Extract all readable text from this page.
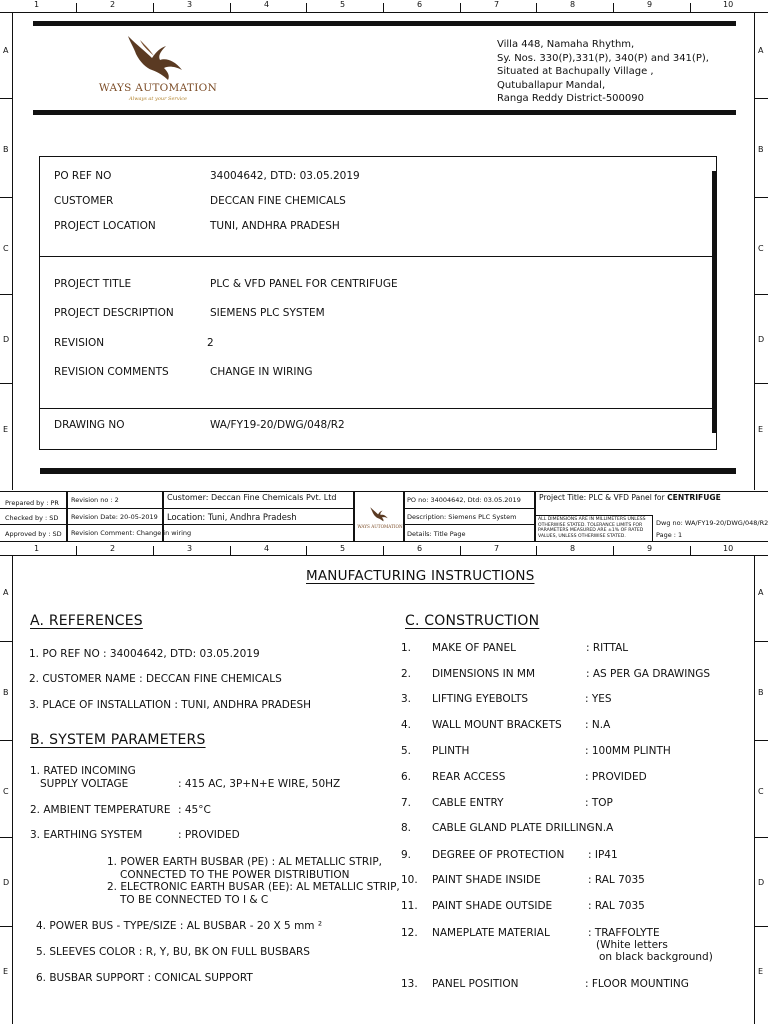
1	2	3	4	5	6	7	8	9	10
A
B
C
D
E
A
B
C
D
E
WAYS AUTOMATION
Always at your Service
Villa 448, Namaha Rhythm,
Sy. Nos. 330(P),331(P), 340(P) and 341(P),
Situated at Bachupally Village ,
Qutuballapur Mandal,
Ranga Reddy District-500090
PO REF NO	34004642, DTD: 03.05.2019
CUSTOMER	DECCAN FINE CHEMICALS
PROJECT LOCATION	TUNI, ANDHRA PRADESH
PROJECT TITLE	PLC & VFD PANEL FOR CENTRIFUGE
PROJECT DESCRIPTION	SIEMENS PLC SYSTEM
REVISION	2
REVISION COMMENTS	CHANGE IN WIRING
DRAWING NO	WA/FY19-20/DWG/048/R2
Prepared by : PR
Checked by : SD
Approved by : SD
Revision no : 2
Revision Date: 20-05-2019
Revision Comment: Change in wiring
Customer: Deccan Fine Chemicals Pvt. Ltd
Location: Tuni, Andhra Pradesh
WAYS AUTOMATION
PO no: 34004642, Dtd: 03.05.2019
Description: Siemens PLC System
Details: Title Page
Project Title: PLC & VFD Panel for CENTRIFUGE
ALL DIMENSIONS ARE IN MILLIMETERS UNLESS OTHERWISE STATED. TOLERANCE LIMITS FOR PARAMETERS MEASURED ARE ±1% OF RATED VALUES, UNLESS OTHERWISE STATED.
Dwg no: WA/FY19-20/DWG/048/R2
Page : 1
1	2	3	4	5	6	7	8	9	10
A
B
C
D
E
A
B
C
D
E
MANUFACTURING INSTRUCTIONS
A. REFERENCES
1. PO REF NO : 34004642, DTD: 03.05.2019
2. CUSTOMER NAME : DECCAN FINE CHEMICALS
3. PLACE OF INSTALLATION : TUNI, ANDHRA PRADESH
B. SYSTEM PARAMETERS
1. RATED INCOMING
SUPPLY VOLTAGE	: 415 AC, 3P+N+E WIRE, 50HZ
2. AMBIENT TEMPERATURE : 45°C
3. EARTHING SYSTEM	: PROVIDED
1. POWER EARTH BUSBAR (PE) : AL METALLIC STRIP,
CONNECTED TO THE POWER DISTRIBUTION
2. ELECTRONIC EARTH BUSAR (EE): AL METALLIC STRIP,
TO BE CONNECTED TO I & C
4. POWER BUS - TYPE/SIZE : AL BUSBAR - 20 X 5 mm ²
5. SLEEVES COLOR : R, Y, BU, BK ON FULL BUSBARS
6. BUSBAR SUPPORT : CONICAL SUPPORT
C. CONSTRUCTION
1. MAKE OF PANEL	: RITTAL
2. DIMENSIONS IN MM	: AS PER GA DRAWINGS
3. LIFTING EYEBOLTS	: YES
4. WALL MOUNT BRACKETS : N.A
5. PLINTH	: 100MM PLINTH
6. REAR ACCESS	: PROVIDED
7. CABLE ENTRY	: TOP
8. CABLE GLAND PLATE DRILLING
: N.A
9. DEGREE OF PROTECTION : IP41
10. PAINT SHADE INSIDE	: RAL 7035
11. PAINT SHADE OUTSIDE	: RAL 7035
12. NAMEPLATE MATERIAL	: TRAFFOLYTE
(White letters
on black background)
13. PANEL POSITION	: FLOOR MOUNTING
